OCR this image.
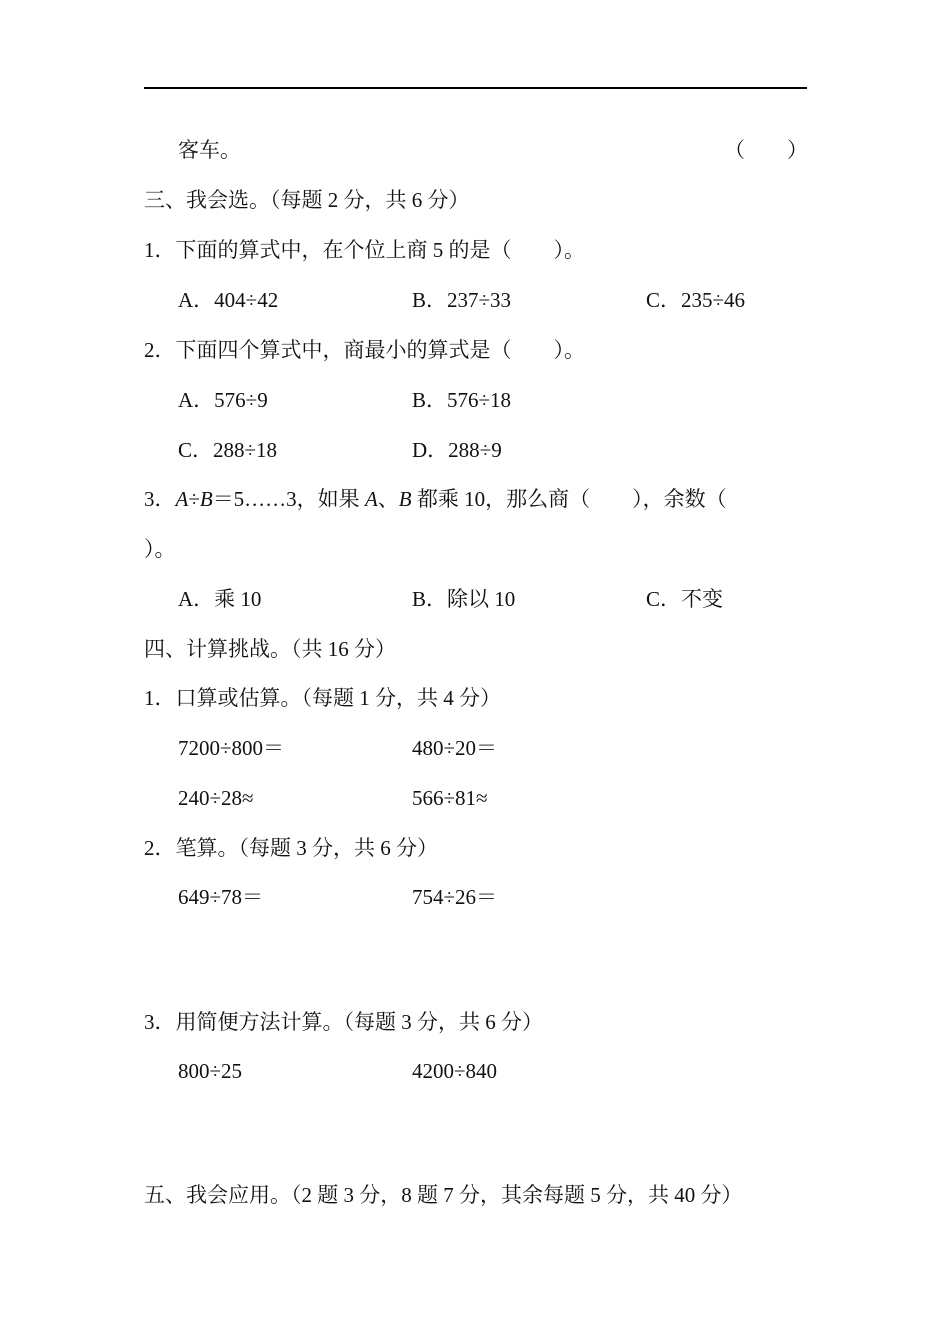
客车。	（　　）
三、我会选。（每题 2 分，共 6 分）
1．下面的算式中，在个位上商 5 的是（　　）。
A．404÷42	B．237÷33	C．235÷46
2．下面四个算式中，商最小的算式是（　　）。
A．576÷9	B．576÷18
C．288÷18	D．288÷9
3．A÷B＝5……3，如果 A、B 都乘 10，那么商（　　），余数（
）。
A．乘 10	B．除以 10	C．不变
四、计算挑战。（共 16 分）
1．口算或估算。（每题 1 分，共 4 分）
7200÷800＝	480÷20＝
240÷28≈	566÷81≈
2．笔算。（每题 3 分，共 6 分）
649÷78＝	754÷26＝
3．用简便方法计算。（每题 3 分，共 6 分）
800÷25	4200÷840
五、我会应用。（2 题 3 分，8 题 7 分，其余每题 5 分，共 40 分）
